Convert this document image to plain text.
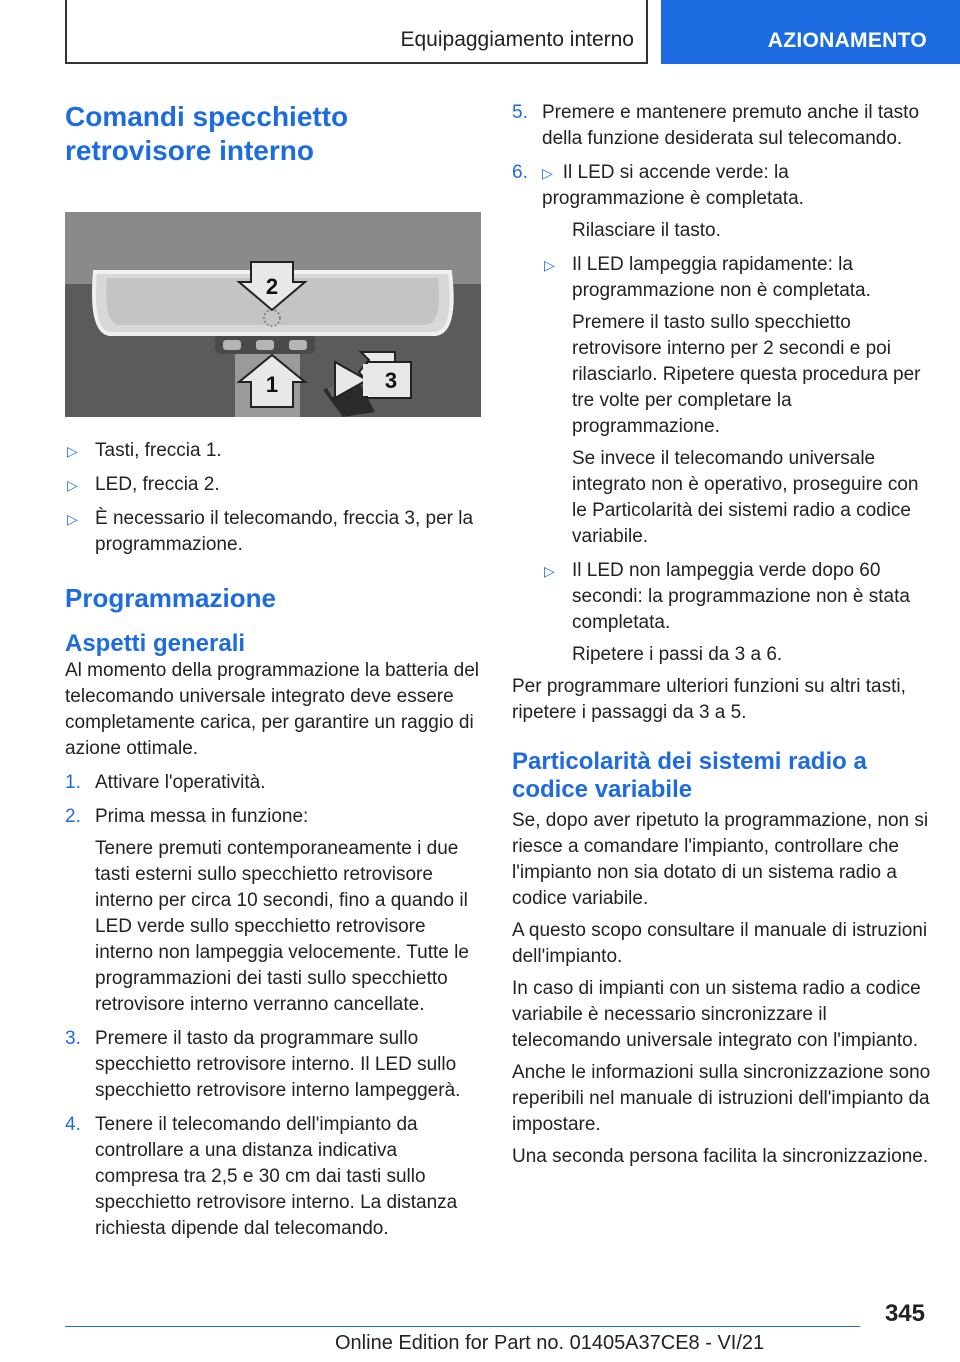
Equipaggiamento interno	AZIONAMENTO
Comandi specchietto retrovisore interno
2
1	3
▷ Tasti, freccia 1.
▷ LED, freccia 2.
▷ È necessario il telecomando, freccia 3, per la programmazione.
Programmazione
Aspetti generali

Al momento della programmazione la batteria del telecomando universale integrato deve essere completamente carica, per garantire un raggio di azione ottimale.

1. Attivare l'operatività.
2. Prima messa in funzione:
Tenere premuti contemporaneamente i due tasti esterni sullo specchietto retrovisore interno per circa 10 secondi, fino a quando il LED verde sullo specchietto retrovisore interno non lampeggia velocemente. Tutte le programmazioni dei tasti sullo specchietto retrovisore interno verranno cancellate.
3. Premere il tasto da programmare sullo specchietto retrovisore interno. Il LED sullo specchietto retrovisore interno lampeggerà.
4. Tenere il telecomando dell'impianto da controllare a una distanza indicativa compresa tra 2,5 e 30 cm dai tasti sullo specchietto retrovisore interno. La distanza richiesta dipende dal telecomando.
5. Premere e mantenere premuto anche il tasto della funzione desiderata sul telecomando.
6. ▷ Il LED si accende verde: la programmazione è completata.
Rilasciare il tasto.
▷ Il LED lampeggia rapidamente: la programmazione non è completata.
Premere il tasto sullo specchietto retrovisore interno per 2 secondi e poi rilasciarlo. Ripetere questa procedura per tre volte per completare la programmazione.
Se invece il telecomando universale integrato non è operativo, proseguire con le Particolarità dei sistemi radio a codice variabile.
▷ Il LED non lampeggia verde dopo 60 secondi: la programmazione non è stata completata.
Ripetere i passi da 3 a 6.

Per programmare ulteriori funzioni su altri tasti, ripetere i passaggi da 3 a 5.

Particolarità dei sistemi radio a codice variabile

Se, dopo aver ripetuto la programmazione, non si riesce a comandare l'impianto, controllare che l'impianto non sia dotato di un sistema radio a codice variabile.

A questo scopo consultare il manuale di istruzioni dell'impianto.

In caso di impianti con un sistema radio a codice variabile è necessario sincronizzare il telecomando universale integrato con l'impianto.

Anche le informazioni sulla sincronizzazione sono reperibili nel manuale di istruzioni dell'impianto da impostare.

Una seconda persona facilita la sincronizzazione.

345
Online Edition for Part no. 01405A37CE8 - VI/21
